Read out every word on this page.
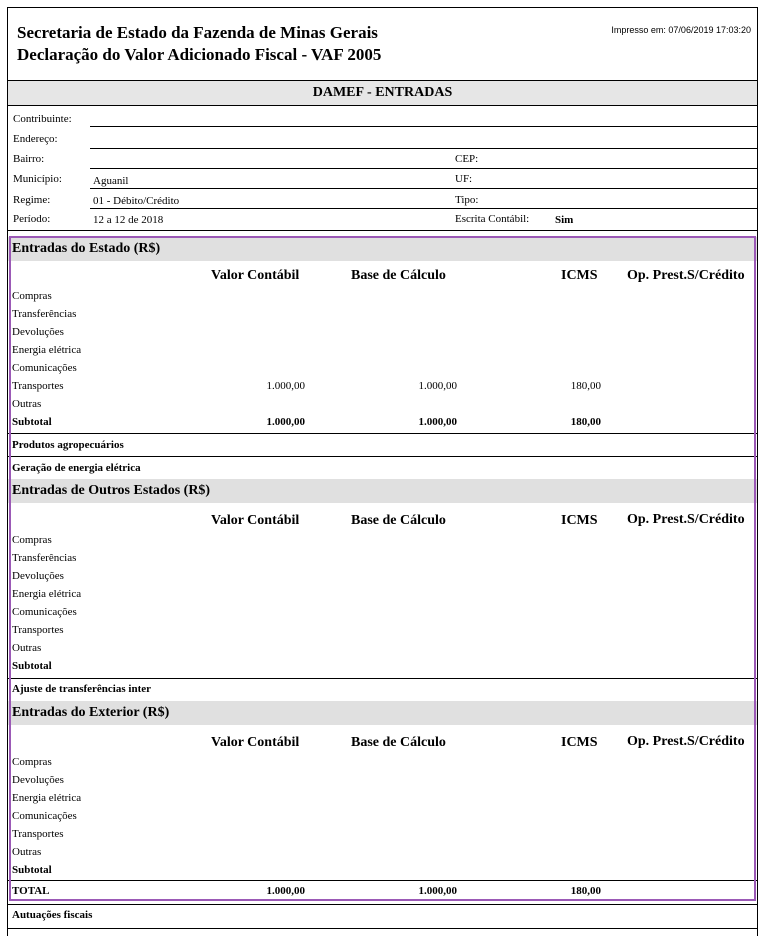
Secretaria de Estado da Fazenda de Minas Gerais
Declaração do Valor Adicionado Fiscal - VAF 2005
Impresso em: 07/06/2019 17:03:20
DAMEF - ENTRADAS
Contribuinte:
Endereço:
Bairro:	CEP:
Município:	Aguanil	UF:
Regime:	01 - Débito/Crédito	Tipo:
Período:	12 a 12 de 2018	Escrita Contábil: Sim
Entradas do Estado (R$)
Valor Contábil	Base de Cálculo	ICMS Op. Prest.S/Crédito
Compras
Transferências
Devoluções
Energia elétrica
Comunicações
Transportes	1.000,00	1.000,00	180,00
Outras
Subtotal	1.000,00	1.000,00	180,00
Produtos agropecuários
Geração de energia elétrica
Entradas de Outros Estados (R$)
Valor Contábil	Base de Cálculo	ICMS Op. Prest.S/Crédito
Compras
Transferências
Devoluções
Energia elétrica
Comunicações
Transportes
Outras
Subtotal
Ajuste de transferências inter
Entradas do Exterior (R$)
Valor Contábil	Base de Cálculo	ICMS Op. Prest.S/Crédito
Compras
Devoluções
Energia elétrica
Comunicações
Transportes
Outras
Subtotal
TOTAL	1.000,00	1.000,00	180,00
Autuações fiscais
